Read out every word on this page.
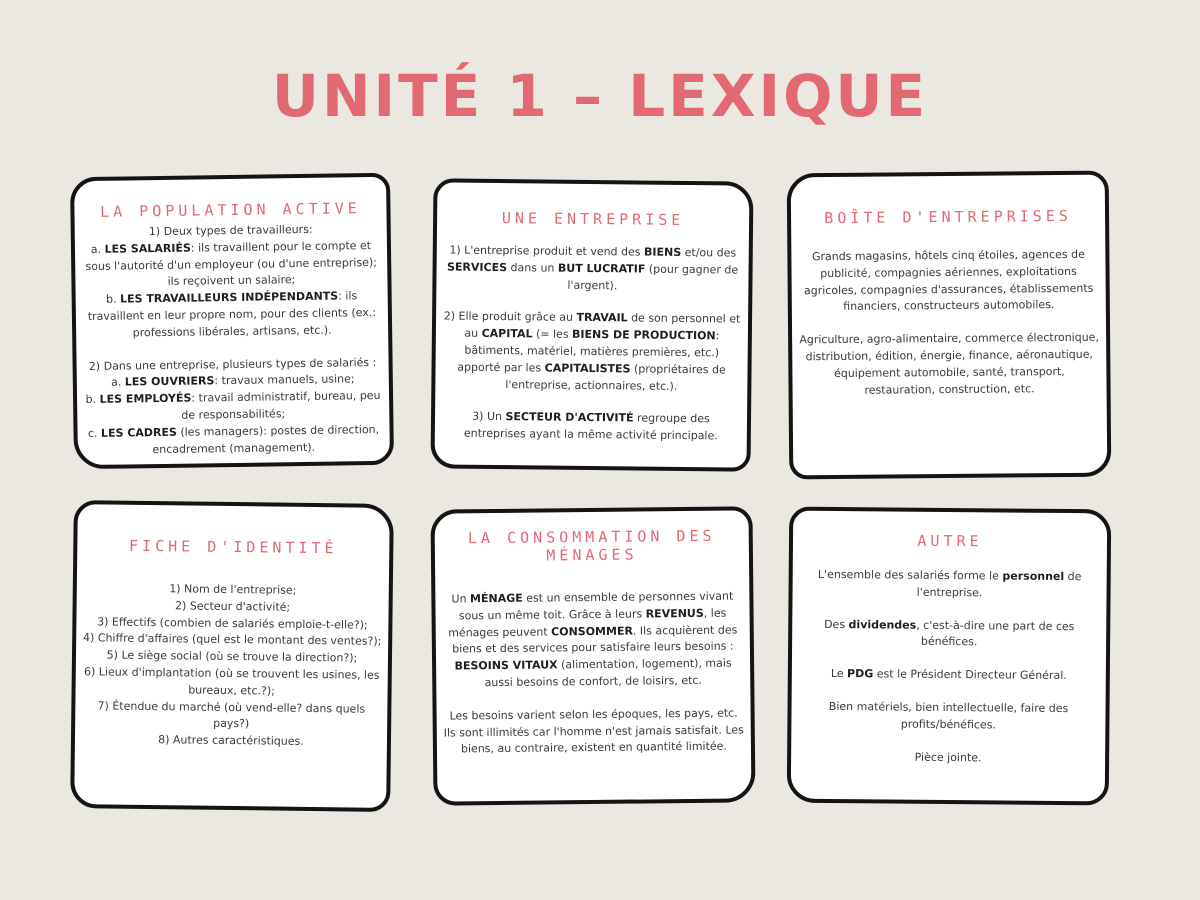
UNITÉ 1 – LEXIQUE
LA POPULATION ACTIVE

1) Deux types de travailleurs:

a. LES SALARIÉS: ils travaillent pour le compte et sous l'autorité d'un employeur (ou d'une entreprise); ils reçoivent un salaire;

b. LES TRAVAILLEURS INDÉPENDANTS: ils travaillent en leur propre nom, pour des clients (ex.: professions libérales, artisans, etc.).

2) Dans une entreprise, plusieurs types de salariés :

a. LES OUVRIERS: travaux manuels, usine;

b. LES EMPLOYÉS: travail administratif, bureau, peu de responsabilités;

c. LES CADRES (les managers): postes de direction, encadrement (management).

UNE ENTREPRISE

1) L'entreprise produit et vend des BIENS et/ou des SERVICES dans un BUT LUCRATIF (pour gagner de l'argent).

2) Elle produit grâce au TRAVAIL de son personnel et au CAPITAL (= les BIENS DE PRODUCTION: bâtiments, matériel, matières premières, etc.) apporté par les CAPITALISTES (propriétaires de l'entreprise, actionnaires, etc.).

3) Un SECTEUR D'ACTIVITÉ regroupe des entreprises ayant la même activité principale.

BOÎTE D'ENTREPRISES

Grands magasins, hôtels cinq étoiles, agences de publicité, compagnies aériennes, exploitations agricoles, compagnies d'assurances, établissements financiers, constructeurs automobiles.

Agriculture, agro-alimentaire, commerce électronique, distribution, édition, énergie, finance, aéronautique, équipement automobile, santé, transport, restauration, construction, etc.

FICHE D'IDENTITÉ

1) Nom de l'entreprise;

2) Secteur d'activité;

3) Effectifs (combien de salariés emploie-t-elle?);

4) Chiffre d'affaires (quel est le montant des ventes?);

5) Le siège social (où se trouve la direction?);

6) Lieux d'implantation (où se trouvent les usines, les bureaux, etc.?);

7) Étendue du marché (où vend-elle? dans quels pays?)

8) Autres caractéristiques.

LA CONSOMMATION DES MÉNAGES

Un MÉNAGE est un ensemble de personnes vivant sous un même toit. Grâce à leurs REVENUS, les ménages peuvent CONSOMMER. Ils acquièrent des biens et des services pour satisfaire leurs besoins : BESOINS VITAUX (alimentation, logement), mais aussi besoins de confort, de loisirs, etc.

Les besoins varient selon les époques, les pays, etc. Ils sont illimités car l'homme n'est jamais satisfait. Les biens, au contraire, existent en quantité limitée.

AUTRE

L'ensemble des salariés forme le personnel de l'entreprise.

Des dividendes, c'est-à-dire une part de ces bénéfices.

Le PDG est le Président Directeur Général.

Bien matériels, bien intellectuelle, faire des profits/bénéfices.

Pièce jointe.
